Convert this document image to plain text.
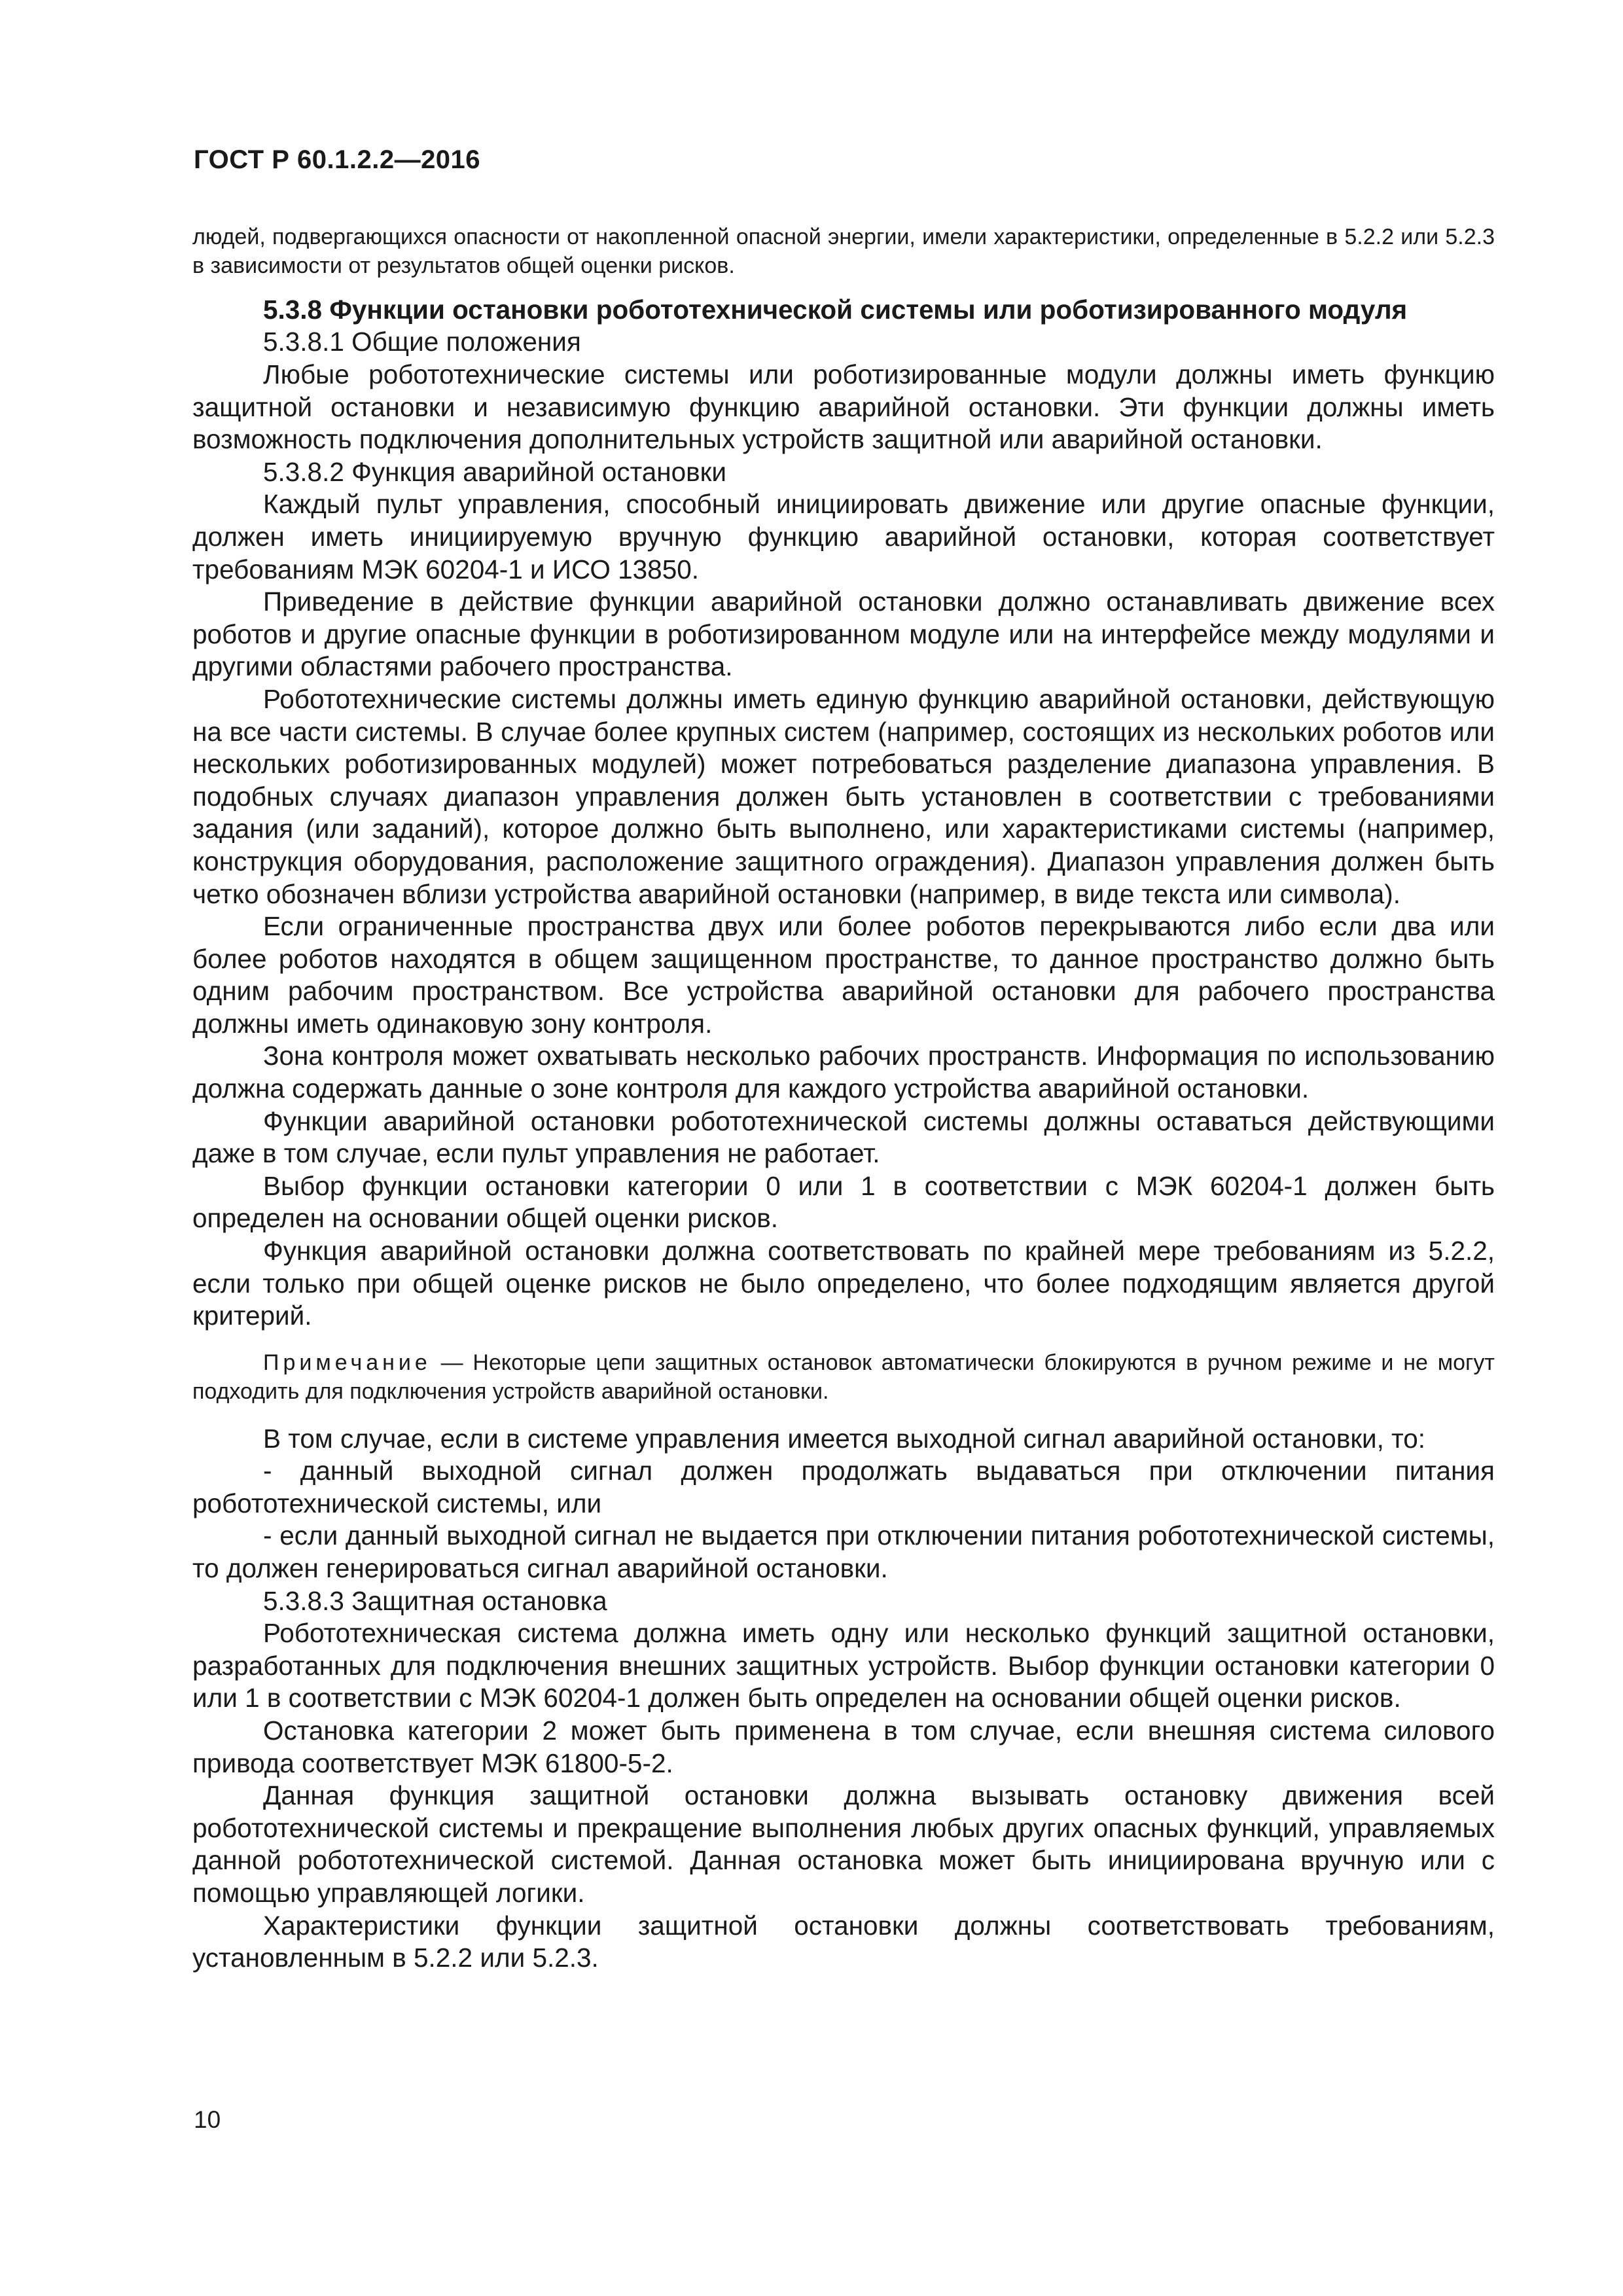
ГОСТ Р 60.1.2.2—2016

людей, подвергающихся опасности от накопленной опасной энергии, имели характеристики, определенные в 5.2.2 или 5.2.3 в зависимости от результатов общей оценки рисков.

5.3.8 Функции остановки робототехнической системы или роботизированного модуля

5.3.8.1 Общие положения

Любые робототехнические системы или роботизированные модули должны иметь функцию защитной остановки и независимую функцию аварийной остановки. Эти функции должны иметь возможность подключения дополнительных устройств защитной или аварийной остановки.

5.3.8.2 Функция аварийной остановки

Каждый пульт управления, способный инициировать движение или другие опасные функции, должен иметь инициируемую вручную функцию аварийной остановки, которая соответствует требованиям МЭК 60204-1 и ИСО 13850.

Приведение в действие функции аварийной остановки должно останавливать движение всех роботов и другие опасные функции в роботизированном модуле или на интерфейсе между модулями и другими областями рабочего пространства.

Робототехнические системы должны иметь единую функцию аварийной остановки, действующую на все части системы. В случае более крупных систем (например, состоящих из нескольких роботов или нескольких роботизированных модулей) может потребоваться разделение диапазона управления. В подобных случаях диапазон управления должен быть установлен в соответствии с требованиями задания (или заданий), которое должно быть выполнено, или характеристиками системы (например, конструкция оборудования, расположение защитного ограждения). Диапазон управления должен быть четко обозначен вблизи устройства аварийной остановки (например, в виде текста или символа).

Если ограниченные пространства двух или более роботов перекрываются либо если два или более роботов находятся в общем защищенном пространстве, то данное пространство должно быть одним рабочим пространством. Все устройства аварийной остановки для рабочего пространства должны иметь одинаковую зону контроля.

Зона контроля может охватывать несколько рабочих пространств. Информация по использованию должна содержать данные о зоне контроля для каждого устройства аварийной остановки.

Функции аварийной остановки робототехнической системы должны оставаться действующими даже в том случае, если пульт управления не работает.

Выбор функции остановки категории 0 или 1 в соответствии с МЭК 60204-1 должен быть определен на основании общей оценки рисков.

Функция аварийной остановки должна соответствовать по крайней мере требованиям из 5.2.2, если только при общей оценке рисков не было определено, что более подходящим является другой критерий.

Примечание — Некоторые цепи защитных остановок автоматически блокируются в ручном режиме и не могут подходить для подключения устройств аварийной остановки.

В том случае, если в системе управления имеется выходной сигнал аварийной остановки, то:

- данный выходной сигнал должен продолжать выдаваться при отключении питания робототехнической системы, или

- если данный выходной сигнал не выдается при отключении питания робототехнической системы, то должен генерироваться сигнал аварийной остановки.

5.3.8.3 Защитная остановка

Робототехническая система должна иметь одну или несколько функций защитной остановки, разработанных для подключения внешних защитных устройств. Выбор функции остановки категории 0 или 1 в соответствии с МЭК 60204-1 должен быть определен на основании общей оценки рисков.

Остановка категории 2 может быть применена в том случае, если внешняя система силового привода соответствует МЭК 61800-5-2.

Данная функция защитной остановки должна вызывать остановку движения всей робототехнической системы и прекращение выполнения любых других опасных функций, управляемых данной робототехнической системой. Данная остановка может быть инициирована вручную или с помощью управляющей логики.

Характеристики функции защитной остановки должны соответствовать требованиям, установленным в 5.2.2 или 5.2.3.

10
